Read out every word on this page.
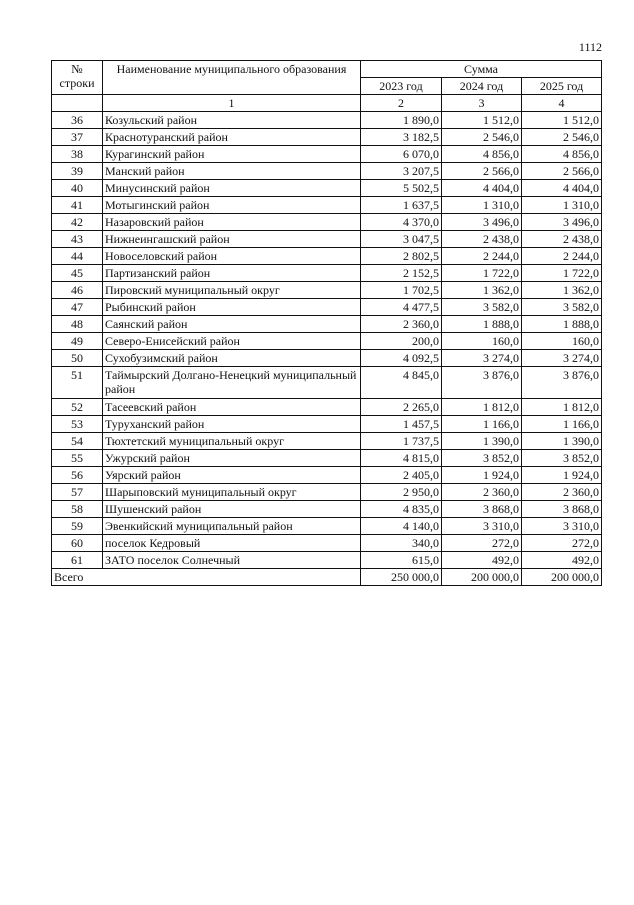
1112
№ строки	Наименование муниципального образования	Сумма		
		2023 год	2024 год	2025 год
	1	2	3	4
36	Козульский район	1 890,0	1 512,0	1 512,0
37	Краснотуранский район	3 182,5	2 546,0	2 546,0
38	Курагинский район	6 070,0	4 856,0	4 856,0
39	Манский район	3 207,5	2 566,0	2 566,0
40	Минусинский район	5 502,5	4 404,0	4 404,0
41	Мотыгинский район	1 637,5	1 310,0	1 310,0
42	Назаровский район	4 370,0	3 496,0	3 496,0
43	Нижнеингашский район	3 047,5	2 438,0	2 438,0
44	Новоселовский район	2 802,5	2 244,0	2 244,0
45	Партизанский район	2 152,5	1 722,0	1 722,0
46	Пировский муниципальный округ	1 702,5	1 362,0	1 362,0
47	Рыбинский район	4 477,5	3 582,0	3 582,0
48	Саянский район	2 360,0	1 888,0	1 888,0
49	Северо-Енисейский район	200,0	160,0	160,0
50	Сухобузимский район	4 092,5	3 274,0	3 274,0
51	Таймырский Долгано-Ненецкий муниципальный район	4 845,0	3 876,0	3 876,0
52	Тасеевский район	2 265,0	1 812,0	1 812,0
53	Туруханский район	1 457,5	1 166,0	1 166,0
54	Тюхтетский муниципальный округ	1 737,5	1 390,0	1 390,0
55	Ужурский район	4 815,0	3 852,0	3 852,0
56	Уярский район	2 405,0	1 924,0	1 924,0
57	Шарыповский муниципальный округ	2 950,0	2 360,0	2 360,0
58	Шушенский район	4 835,0	3 868,0	3 868,0
59	Эвенкийский муниципальный район	4 140,0	3 310,0	3 310,0
60	поселок Кедровый	340,0	272,0	272,0
61	ЗАТО поселок Солнечный	615,0	492,0	492,0
Всего		250 000,0	200 000,0	200 000,0
